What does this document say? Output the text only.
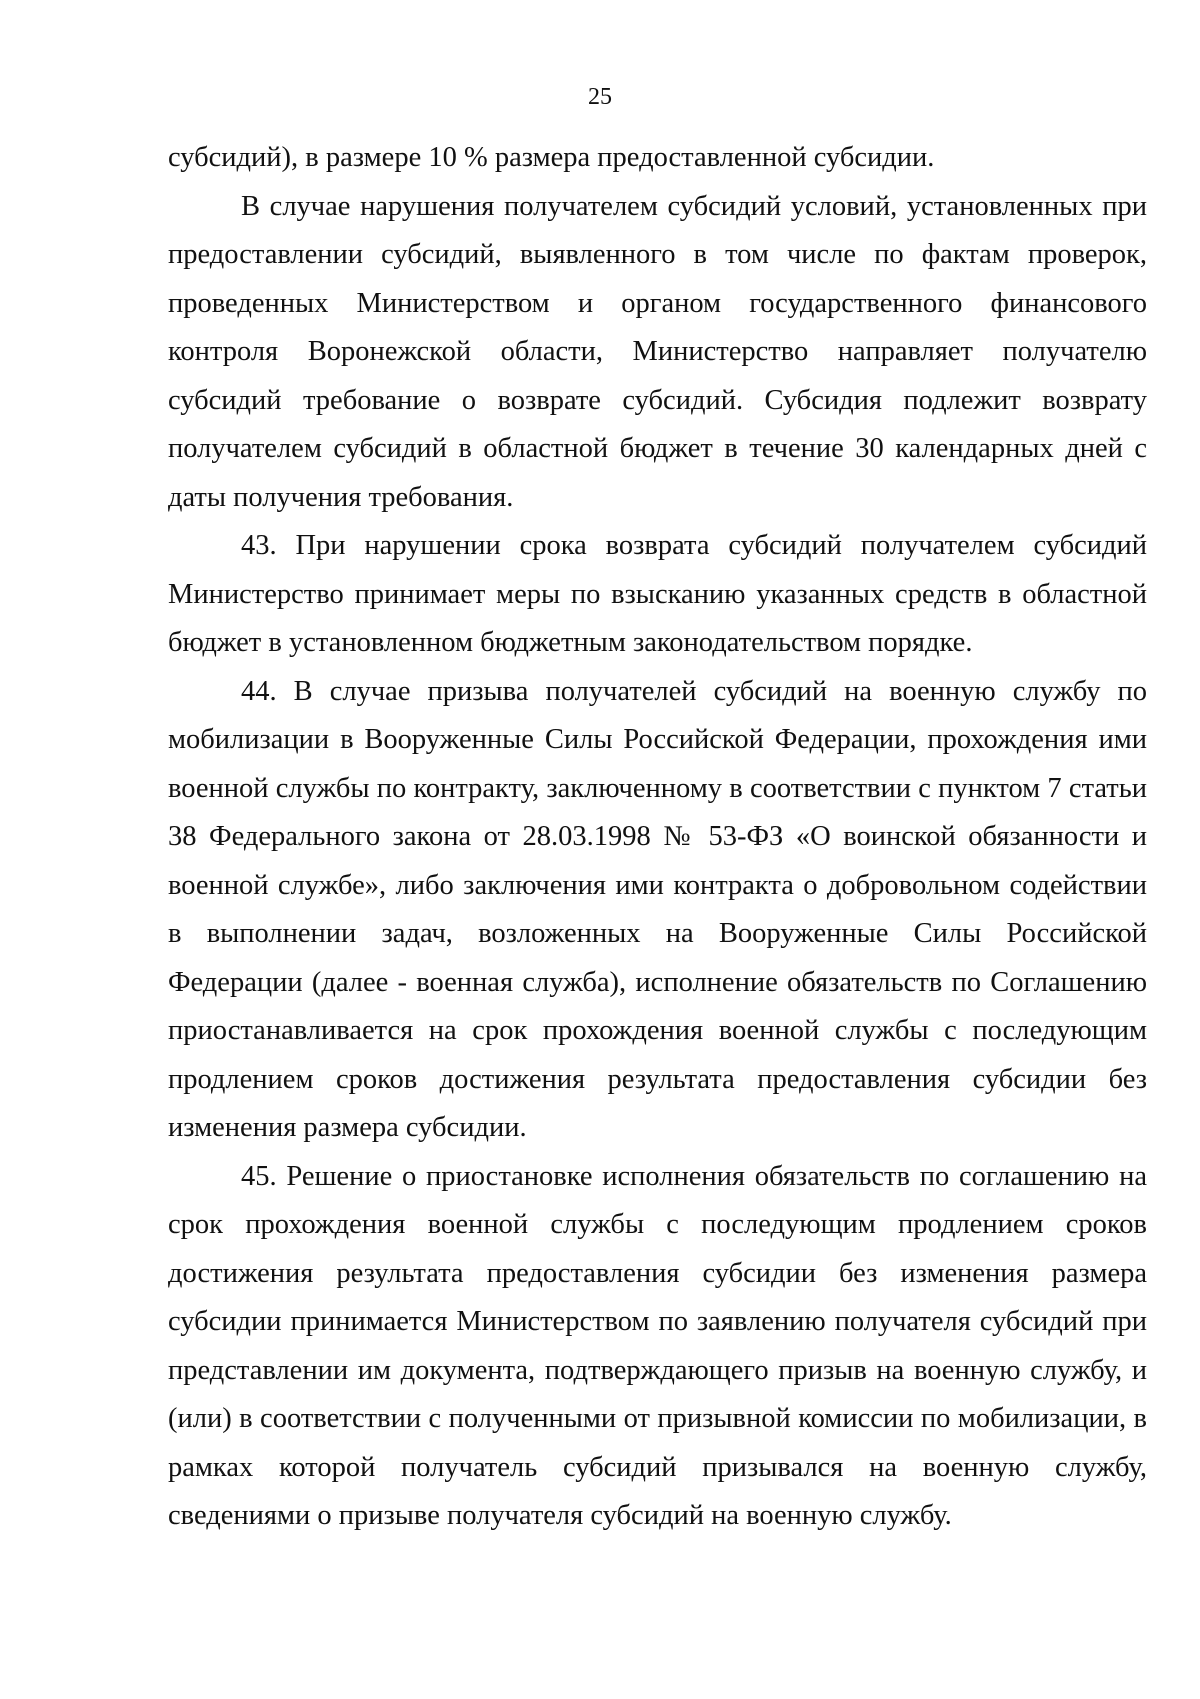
25

субсидий), в размере 10 % размера предоставленной субсидии.

В случае нарушения получателем субсидий условий, установленных при предоставлении субсидий, выявленного в том числе по фактам проверок, проведенных Министерством и органом государственного финансового контроля Воронежской области, Министерство направляет получателю субсидий требование о возврате субсидий. Субсидия подлежит возврату получателем субсидий в областной бюджет в течение 30 календарных дней с даты получения требования.

43. При нарушении срока возврата субсидий получателем субсидий Министерство принимает меры по взысканию указанных средств в областной бюджет в установленном бюджетным законодательством порядке.

44. В случае призыва получателей субсидий на военную службу по мобилизации в Вооруженные Силы Российской Федерации, прохождения ими военной службы по контракту, заключенному в соответствии с пунктом 7 статьи 38 Федерального закона от 28.03.1998 № 53-ФЗ «О воинской обязанности и военной службе», либо заключения ими контракта о добровольном содействии в выполнении задач, возложенных на Вооруженные Силы Российской Федерации (далее - военная служба), исполнение обязательств по Соглашению приостанавливается на срок прохождения военной службы с последующим продлением сроков достижения результата предоставления субсидии без изменения размера субсидии.

45. Решение о приостановке исполнения обязательств по соглашению на срок прохождения военной службы с последующим продлением сроков достижения результата предоставления субсидии без изменения размера субсидии принимается Министерством по заявлению получателя субсидий при представлении им документа, подтверждающего призыв на военную службу, и (или) в соответствии с полученными от призывной комиссии по мобилизации, в рамках которой получатель субсидий призывался на военную службу, сведениями о призыве получателя субсидий на военную службу.
